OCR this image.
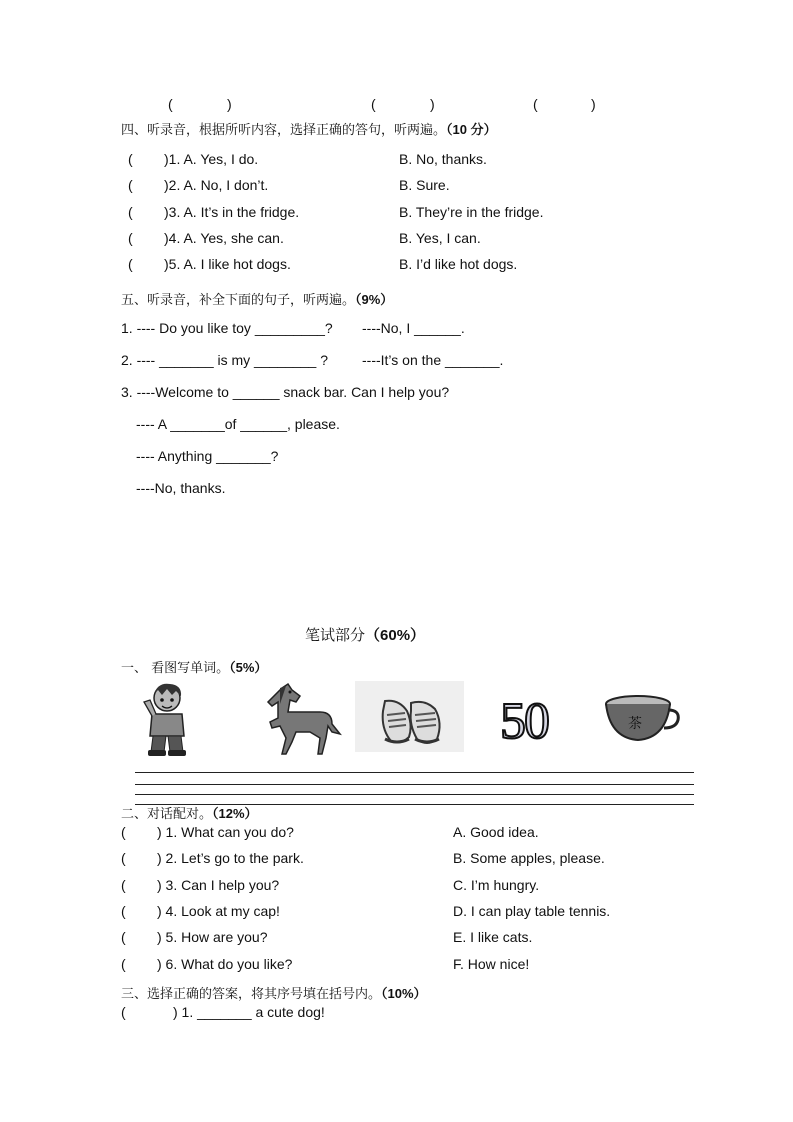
(	)	(	)	(	)
四、听录音，根据所听内容，选择正确的答句，听两遍。（10 分）
( )1. A. Yes, I do.	B. No, thanks.
( )2. A. No, I don’t.	B. Sure.
( )3. A. It’s in the fridge.	B. They’re in the fridge.
( )4. A. Yes, she can.	B. Yes, I can.
( )5. A. I like hot dogs.	B. I’d like hot dogs.
五、听录音，补全下面的句子，听两遍。（9%）
1. ---- Do you like toy _________? ----No, I ______.
2. ---- _______ is my ________ ? ----It’s on the _______.
3. ----Welcome to ______ snack bar. Can I help you?
---- A _______of ______, please.
---- Anything _______?
----No, thanks.
笔试部分（60%）
一、 看图写单词。（5%）
50	茶
二、对话配对。（12%）
( ) 1. What can you do?	A. Good idea.
( ) 2. Let’s go to the park.	B. Some apples, please.
( ) 3. Can I help you?	C. I’m hungry.
( ) 4. Look at my cap!	D. I can play table tennis.
( ) 5. How are you?	E. I like cats.
( ) 6. What do you like?	F. How nice!
三、选择正确的答案，将其序号填在括号内。（10%）
(	) 1. _______ a cute dog!
